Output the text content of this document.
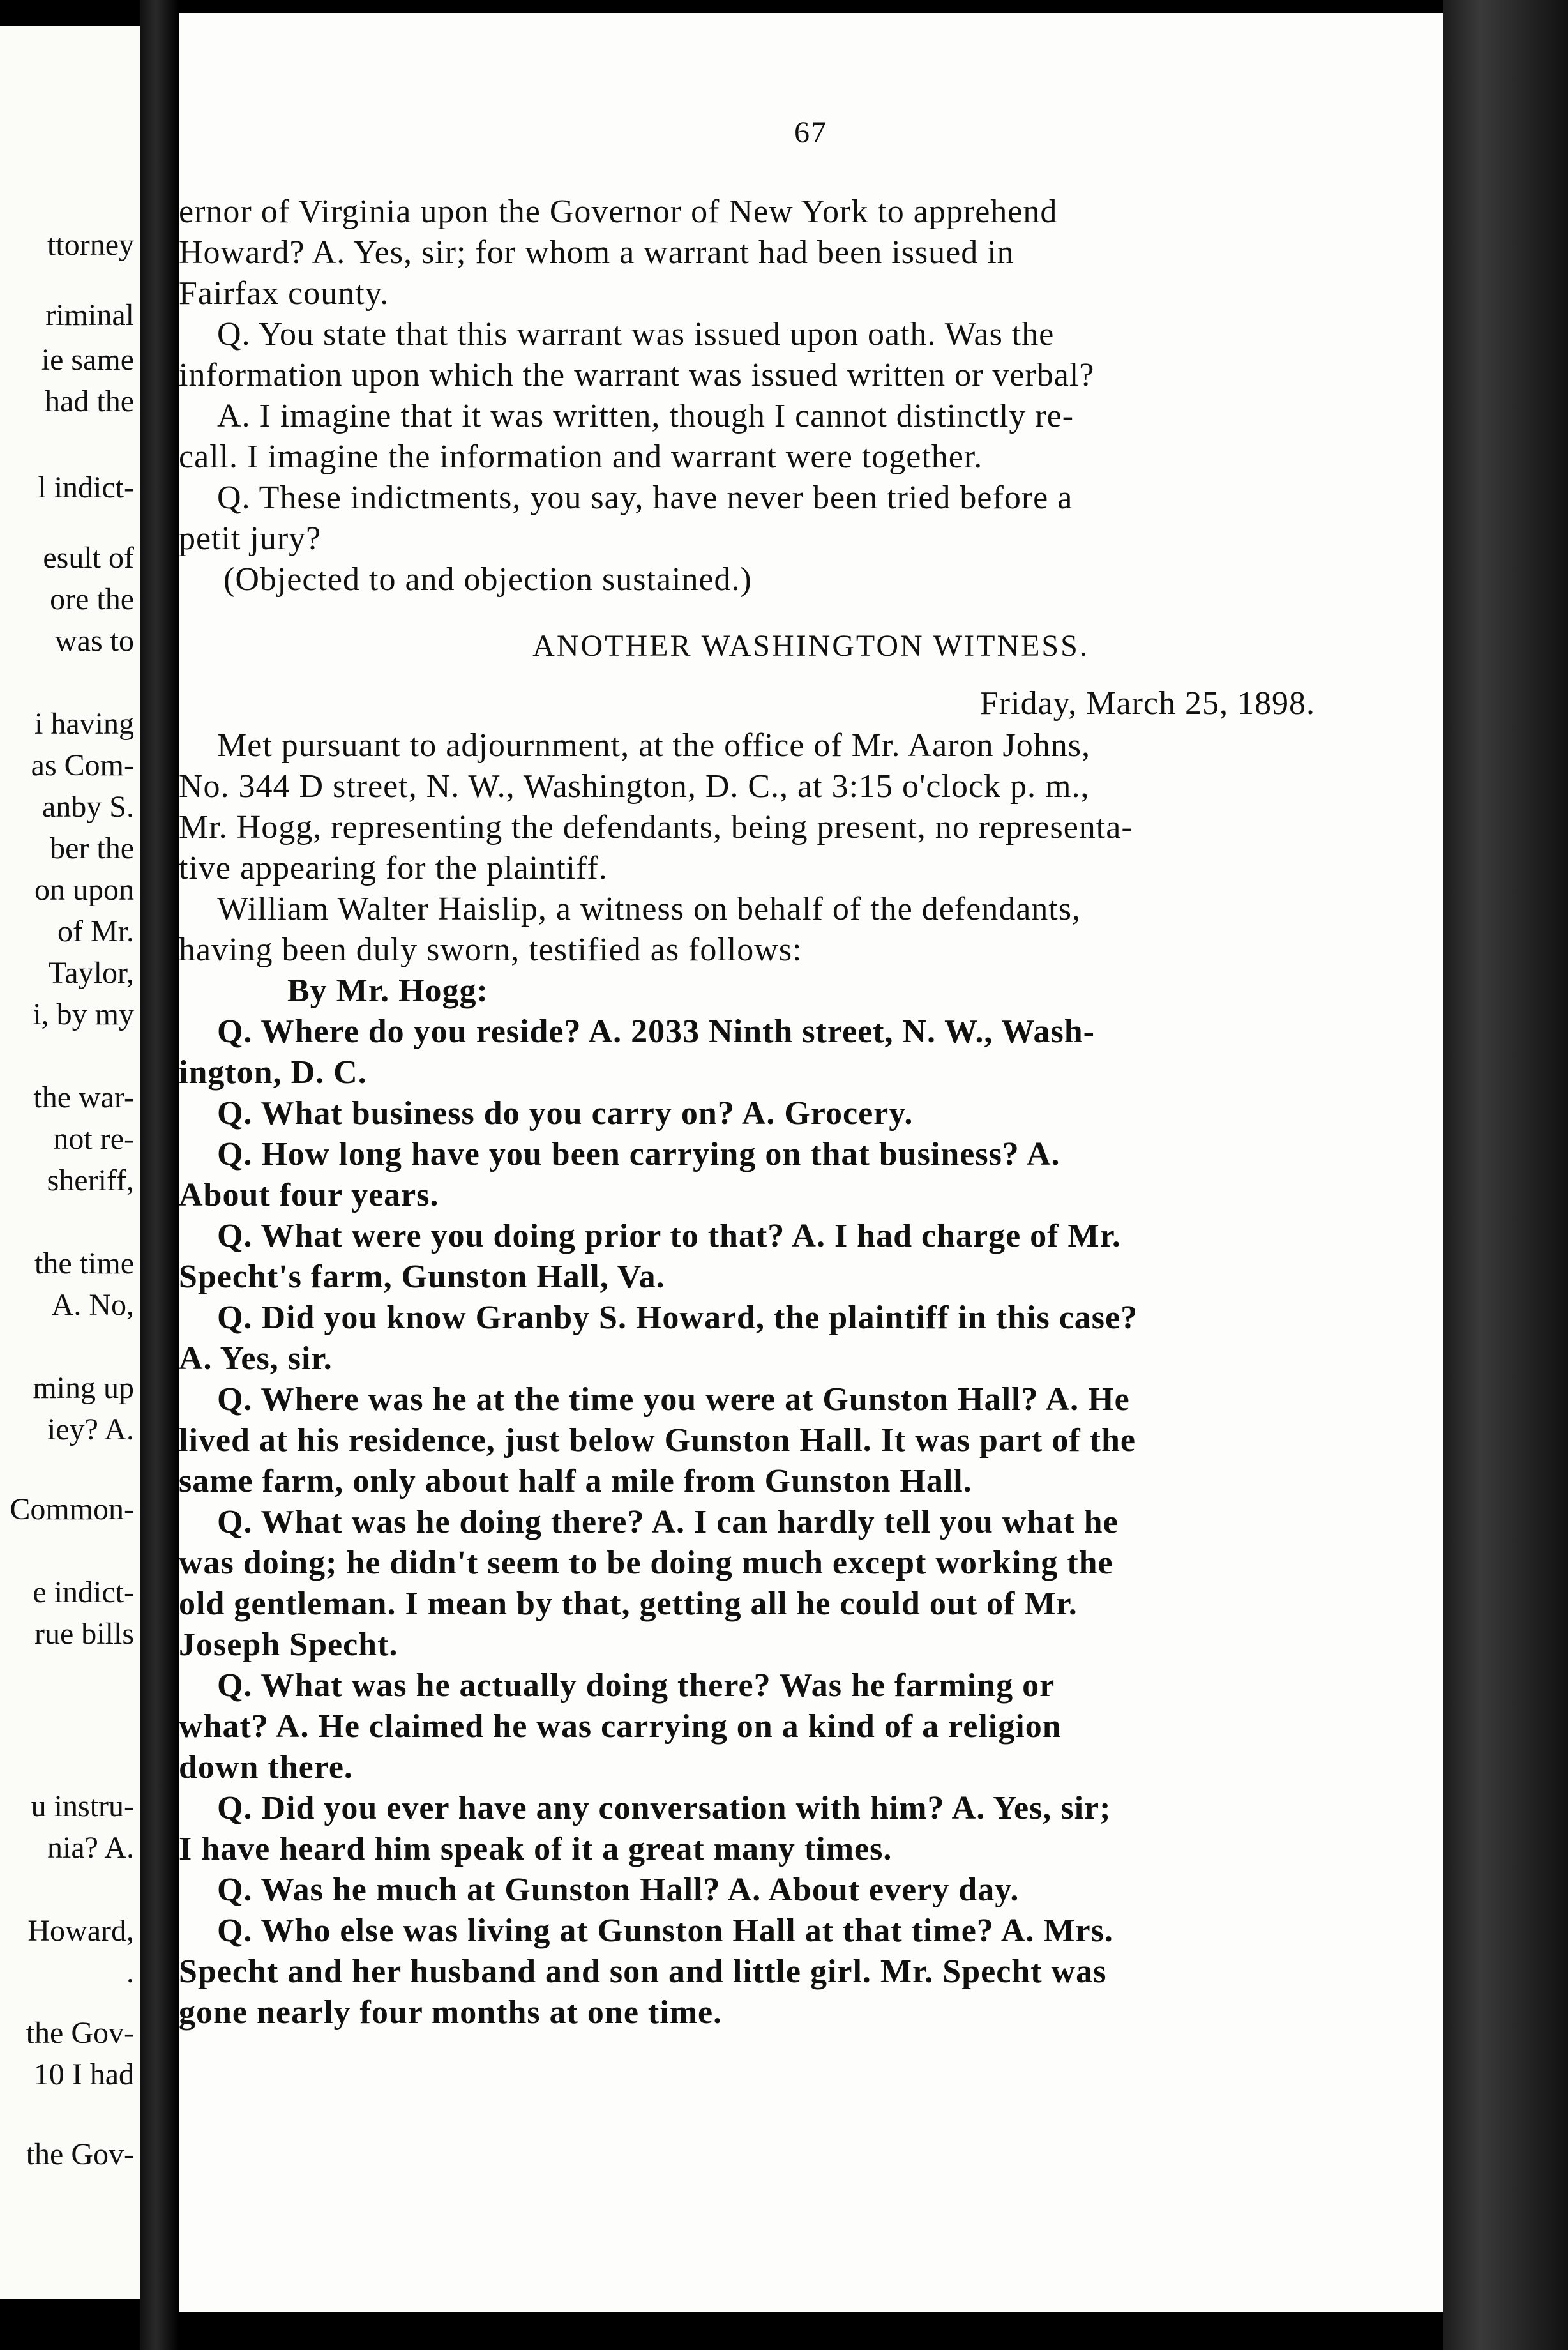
ttorney
riminal
ie same
had the
l indict-
esult of
ore the
was to
i having
as Com-
anby S.
ber the
on upon
of Mr.
Taylor,
i, by my
the war-
not re-
sheriff,
the time
A. No,
ming up
iey? A.
Common-
e indict-
rue bills
u instru-
nia? A.
Howard,
.
the Gov-
10 I had
the Gov-
67
ernor of Virginia upon the Governor of New York to apprehend
Howard? A. Yes, sir; for whom a warrant had been issued in
Fairfax county.
Q. You state that this warrant was issued upon oath. Was the
information upon which the warrant was issued written or verbal?
A. I imagine that it was written, though I cannot distinctly re-
call. I imagine the information and warrant were together.
Q. These indictments, you say, have never been tried before a
petit jury?
(Objected to and objection sustained.)
ANOTHER WASHINGTON WITNESS.
Friday, March 25, 1898.
Met pursuant to adjournment, at the office of Mr. Aaron Johns,
No. 344 D street, N. W., Washington, D. C., at 3:15 o'clock p. m.,
Mr. Hogg, representing the defendants, being present, no representa-
tive appearing for the plaintiff.
William Walter Haislip, a witness on behalf of the defendants,
having been duly sworn, testified as follows:
By Mr. Hogg:
Q. Where do you reside? A. 2033 Ninth street, N. W., Wash-
ington, D. C.
Q. What business do you carry on? A. Grocery.
Q. How long have you been carrying on that business? A.
About four years.
Q. What were you doing prior to that? A. I had charge of Mr.
Specht's farm, Gunston Hall, Va.
Q. Did you know Granby S. Howard, the plaintiff in this case?
A. Yes, sir.
Q. Where was he at the time you were at Gunston Hall? A. He
lived at his residence, just below Gunston Hall. It was part of the
same farm, only about half a mile from Gunston Hall.
Q. What was he doing there? A. I can hardly tell you what he
was doing; he didn't seem to be doing much except working the
old gentleman. I mean by that, getting all he could out of Mr.
Joseph Specht.
Q. What was he actually doing there? Was he farming or
what? A. He claimed he was carrying on a kind of a religion
down there.
Q. Did you ever have any conversation with him? A. Yes, sir;
I have heard him speak of it a great many times.
Q. Was he much at Gunston Hall? A. About every day.
Q. Who else was living at Gunston Hall at that time? A. Mrs.
Specht and her husband and son and little girl. Mr. Specht was
gone nearly four months at one time.
